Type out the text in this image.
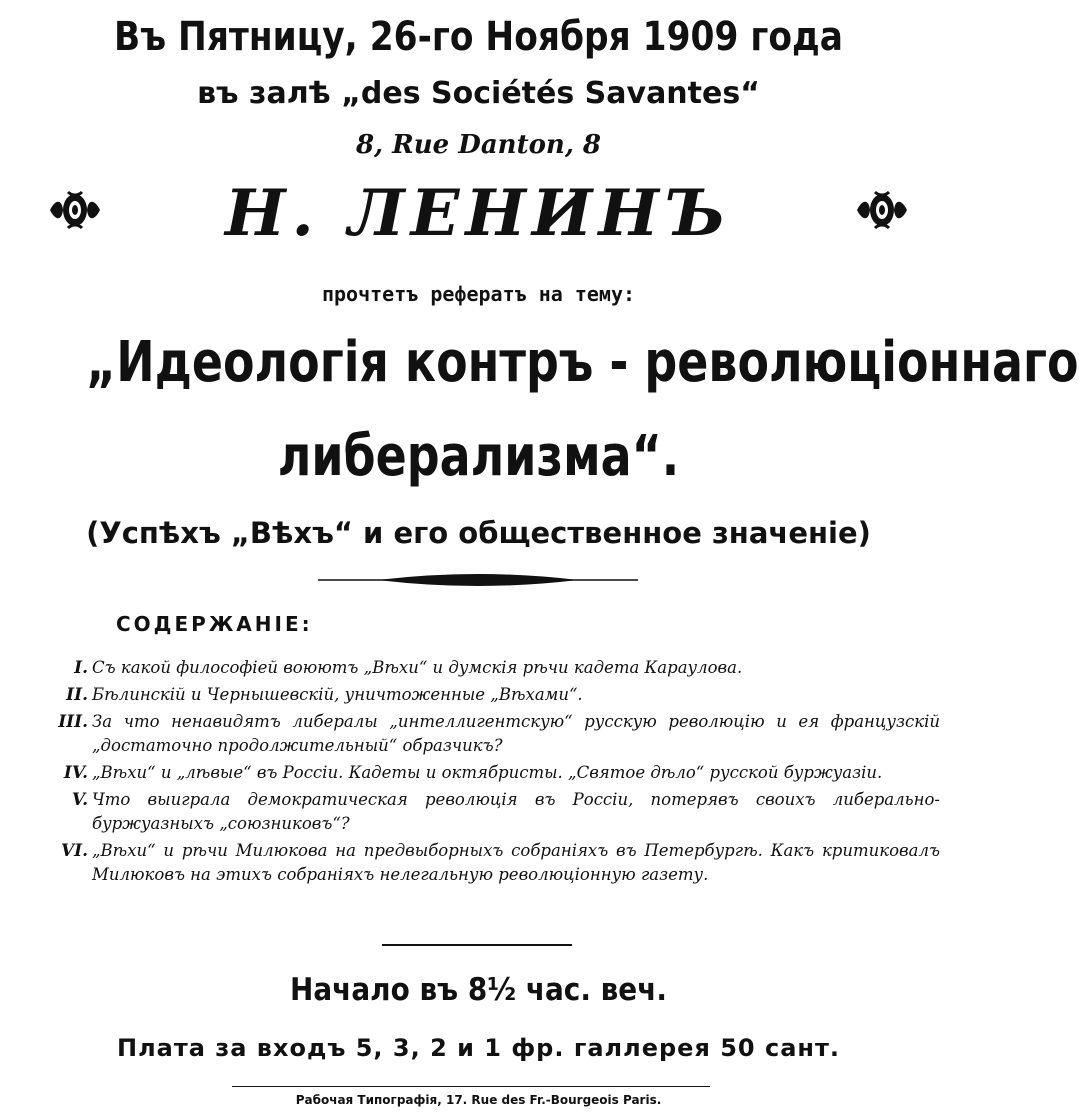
Въ Пятницу, 26-го Ноября 1909 года
въ залѣ „des Sociétés Savantes“
8, Rue Danton, 8
Н. ЛЕНИНЪ
прочтетъ рефератъ на тему:
„Идеологія контръ - революціоннаго
либерализма“.
(Успѣхъ „Вѣхъ“ и его общественное значеніе)
СОДЕРЖАНІЕ:
I. Съ какой философіей воюютъ „Вѣхи“ и думскія рѣчи кадета Караулова.
II. Бѣлинскій и Чернышевскій, уничтоженные „Вѣхами“.
III. За что ненавидятъ либералы „интеллигентскую“ русскую революцію и ея французскій „достаточно продолжительный“ образчикъ?
IV. „Вѣхи“ и „лѣвые“ въ Россіи. Кадеты и октябристы. „Святое дѣло“ русской буржуазіи.
V. Что выиграла демократическая революція въ Россіи, потерявъ своихъ либерально-буржуазныхъ „союзниковъ“?
VI. „Вѣхи“ и рѣчи Милюкова на предвыборныхъ собраніяхъ въ Петербургѣ. Какъ критиковалъ Милюковъ на этихъ собраніяхъ нелегальную революціонную газету.
Начало въ 8½ час. веч.
Плата за входъ 5, 3, 2 и 1 фр. галлерея 50 сант.
Рабочая Типографія, 17. Rue des Fr.-Bourgeois Paris.
